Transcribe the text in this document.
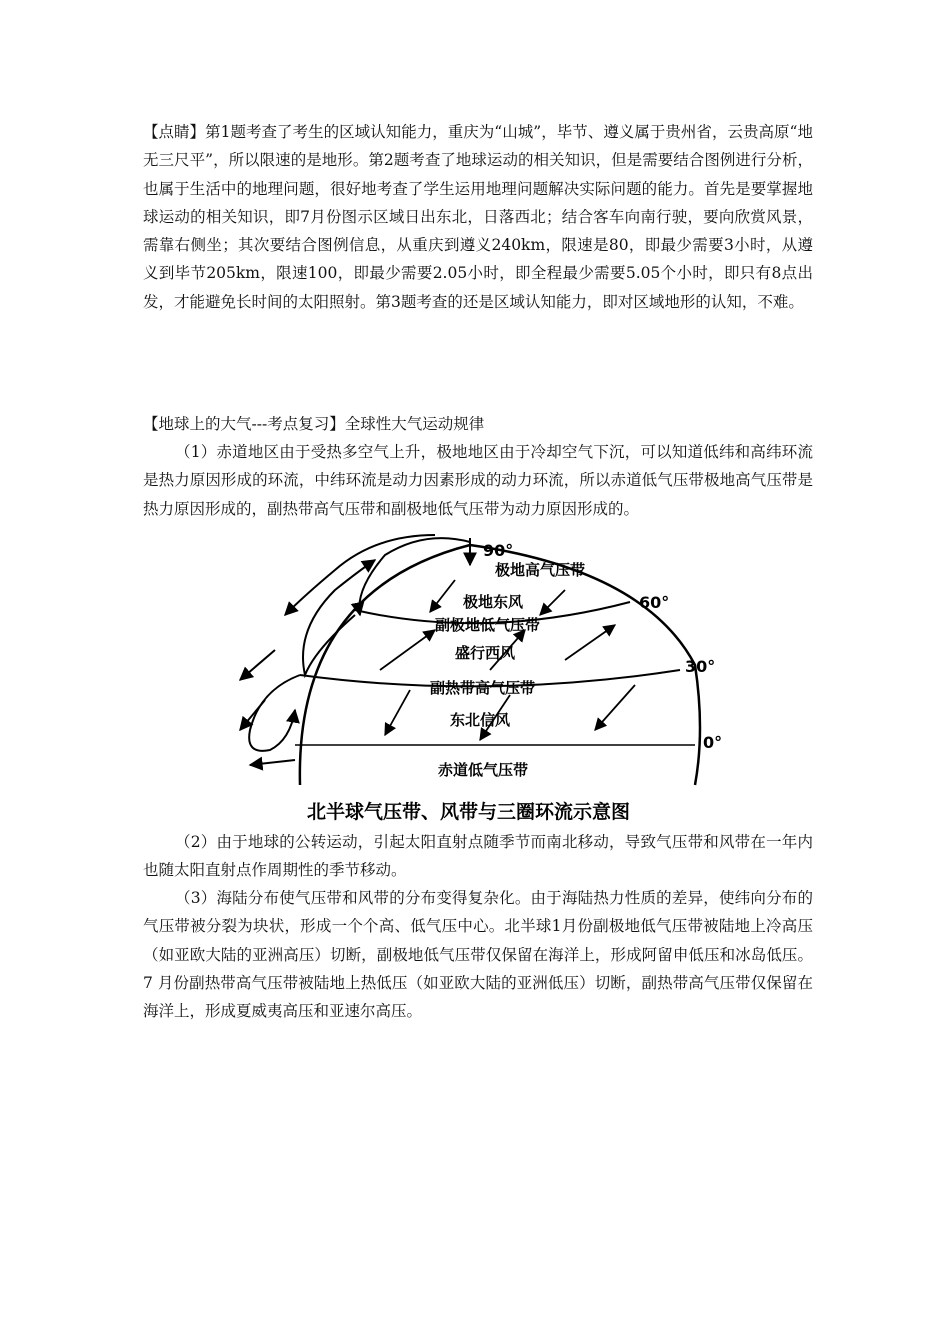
【点睛】第1题考查了考生的区域认知能力，重庆为“山城”，毕节、遵义属于贵州省，云贵高原“地无三尺平”，所以限速的是地形。第2题考查了地球运动的相关知识，但是需要结合图例进行分析，也属于生活中的地理问题，很好地考查了学生运用地理问题解决实际问题的能力。首先是要掌握地球运动的相关知识，即7月份图示区域日出东北，日落西北；结合客车向南行驶，要向欣赏风景，需靠右侧坐；其次要结合图例信息，从重庆到遵义240km，限速是80，即最少需要3小时，从遵义到毕节205km，限速100，即最少需要2.05小时，即全程最少需要5.05个小时，即只有8点出发，才能避免长时间的太阳照射。第3题考查的还是区域认知能力，即对区域地形的认知，不难。

【地球上的大气---考点复习】全球性大气运动规律

（1）赤道地区由于受热多空气上升，极地地区由于冷却空气下沉，可以知道低纬和高纬环流是热力原因形成的环流，中纬环流是动力因素形成的动力环流，所以赤道低气压带极地高气压带是热力原因形成的，副热带高气压带和副极地低气压带为动力原因形成的。

90°
60°
30°
0°
极地高气压带
极地东风
副极地低气压带
盛行西风
副热带高气压带
东北信风
赤道低气压带
北半球气压带、风带与三圈环流示意图

（2）由于地球的公转运动，引起太阳直射点随季节而南北移动，导致气压带和风带在一年内也随太阳直射点作周期性的季节移动。

（3）海陆分布使气压带和风带的分布变得复杂化。由于海陆热力性质的差异，使纬向分布的气压带被分裂为块状，形成一个个高、低气压中心。北半球1月份副极地低气压带被陆地上冷高压（如亚欧大陆的亚洲高压）切断，副极地低气压带仅保留在海洋上，形成阿留申低压和冰岛低压。7 月份副热带高气压带被陆地上热低压（如亚欧大陆的亚洲低压）切断，副热带高气压带仅保留在海洋上，形成夏威夷高压和亚速尔高压。
